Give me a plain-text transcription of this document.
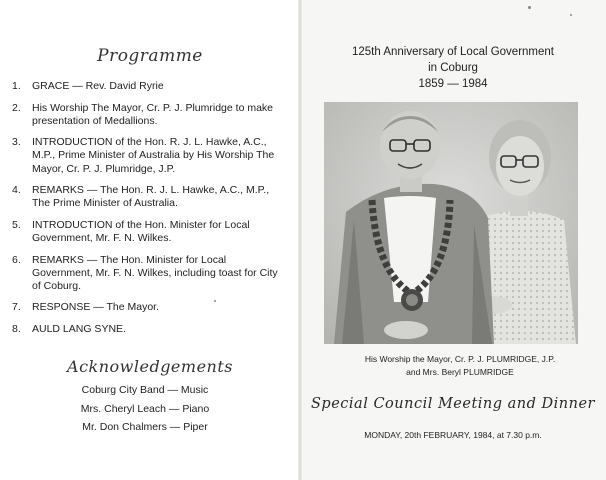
Programme
1.	GRACE — Rev. David Ryrie
2.	His Worship The Mayor, Cr. P. J. Plumridge to make presentation of Medallions.
3.	INTRODUCTION of the Hon. R. J. L. Hawke, A.C., M.P., Prime Minister of Australia by His Worship The Mayor, Cr. P. J. Plumridge, J.P.
4.	REMARKS — The Hon. R. J. L. Hawke, A.C., M.P., The Prime Minister of Australia.
5.	INTRODUCTION of the Hon. Minister for Local Government, Mr. F. N. Wilkes.
6.	REMARKS — The Hon. Minister for Local Government, Mr. F. N. Wilkes, including toast for City of Coburg.
7.	RESPONSE — The Mayor.
8.	AULD LANG SYNE.
Acknowledgements
Coburg City Band — Music
Mrs. Cheryl Leach — Piano
Mr. Don Chalmers — Piper
125th Anniversary of Local Government
in Coburg
1859 — 1984
His Worship the Mayor, Cr. P. J. PLUMRIDGE, J.P.
and Mrs. Beryl PLUMRIDGE
Special Council Meeting and Dinner
MONDAY, 20th FEBRUARY, 1984, at 7.30 p.m.
